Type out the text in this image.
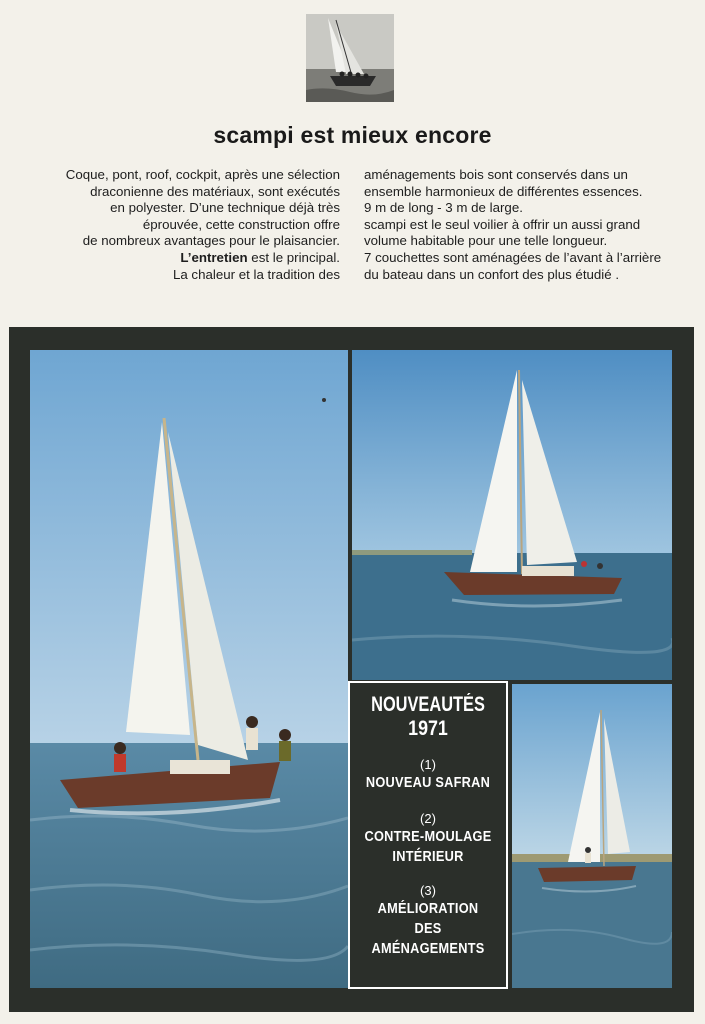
scampi est mieux encore
Coque, pont, roof, cockpit, après une sélection
draconienne des matériaux, sont exécutés
en polyester. D’une technique déjà très
éprouvée, cette construction offre
de nombreux avantages pour le plaisancier.
L’entretien est le principal.
La chaleur et la tradition des
aménagements bois sont conservés dans un
ensemble harmonieux de différentes essences.
9 m de long - 3 m de large.
scampi est le seul voilier à offrir un aussi grand
volume habitable pour une telle longueur.
7 couchettes sont aménagées de l’avant à l’arrière
du bateau dans un confort des plus étudié .
NOUVEAUTÉS
1971
(1)
NOUVEAU SAFRAN
(2)
CONTRE-MOULAGE
INTÉRIEUR
(3)
AMÉLIORATION
DES
AMÉNAGEMENTS
